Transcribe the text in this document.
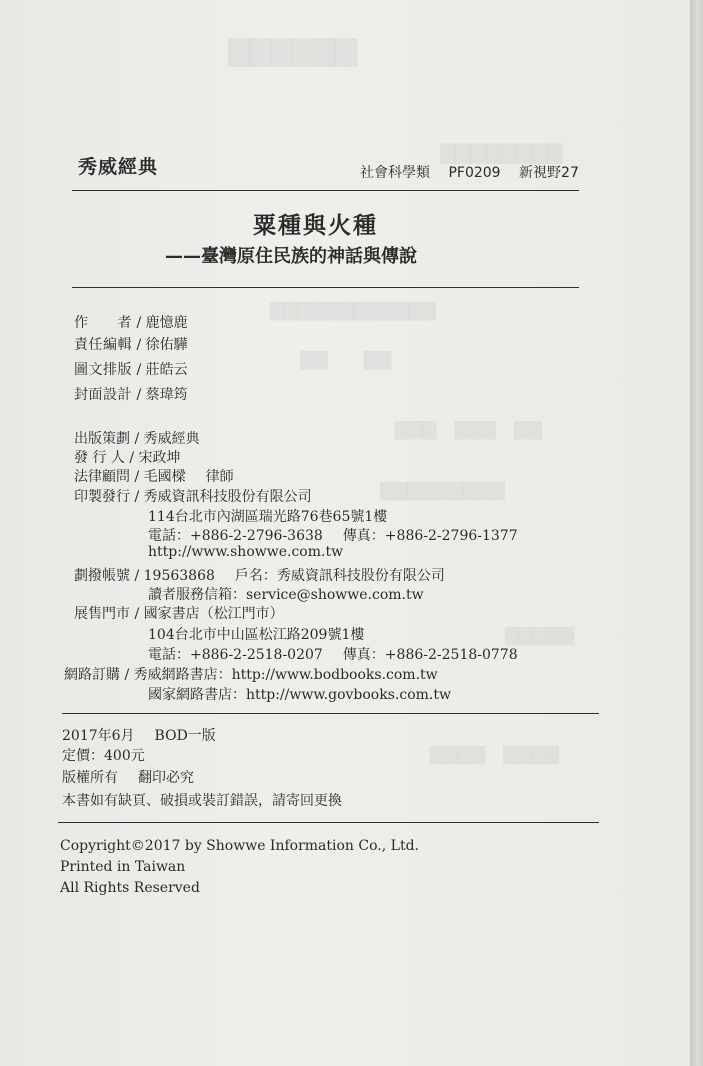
▇▇▇▇▇▇
▇▇▇▇▇▇▇▇
▇▇▇▇▇▇▇▇▇▇▇▇
▇▇　　▇▇
▇▇▇　▇▇▇　▇▇
▇▇▇▇▇▇▇▇▇
▇▇▇▇▇
▇▇▇▇　▇▇▇▇
秀威經典	社會科學類 PF0209 新視野27
粟種與火種
——臺灣原住民族的神話與傳說
作　　者 / 鹿憶鹿
責任編輯 / 徐佑驊
圖文排版 / 莊皓云
封面設計 / 蔡瑋筠
出版策劃 / 秀威經典
發 行 人 / 宋政坤
法律顧問 / 毛國樑 律師
印製發行 / 秀威資訊科技股份有限公司
114台北市內湖區瑞光路76巷65號1樓
電話：+886-2-2796-3638 傳真：+886-2-2796-1377
http://www.showwe.com.tw
劃撥帳號 / 19563868 戶名：秀威資訊科技股份有限公司
讀者服務信箱：service@showwe.com.tw
展售門市 / 國家書店（松江門市）
104台北市中山區松江路209號1樓
電話：+886-2-2518-0207 傳真：+886-2-2518-0778
網路訂購 / 秀威網路書店：http://www.bodbooks.com.tw
國家網路書店：http://www.govbooks.com.tw
2017年6月 BOD一版
定價：400元
版權所有 翻印必究
本書如有缺頁、破損或裝訂錯誤，請寄回更換
Copyright©2017 by Showwe Information Co., Ltd.
Printed in Taiwan
All Rights Reserved
